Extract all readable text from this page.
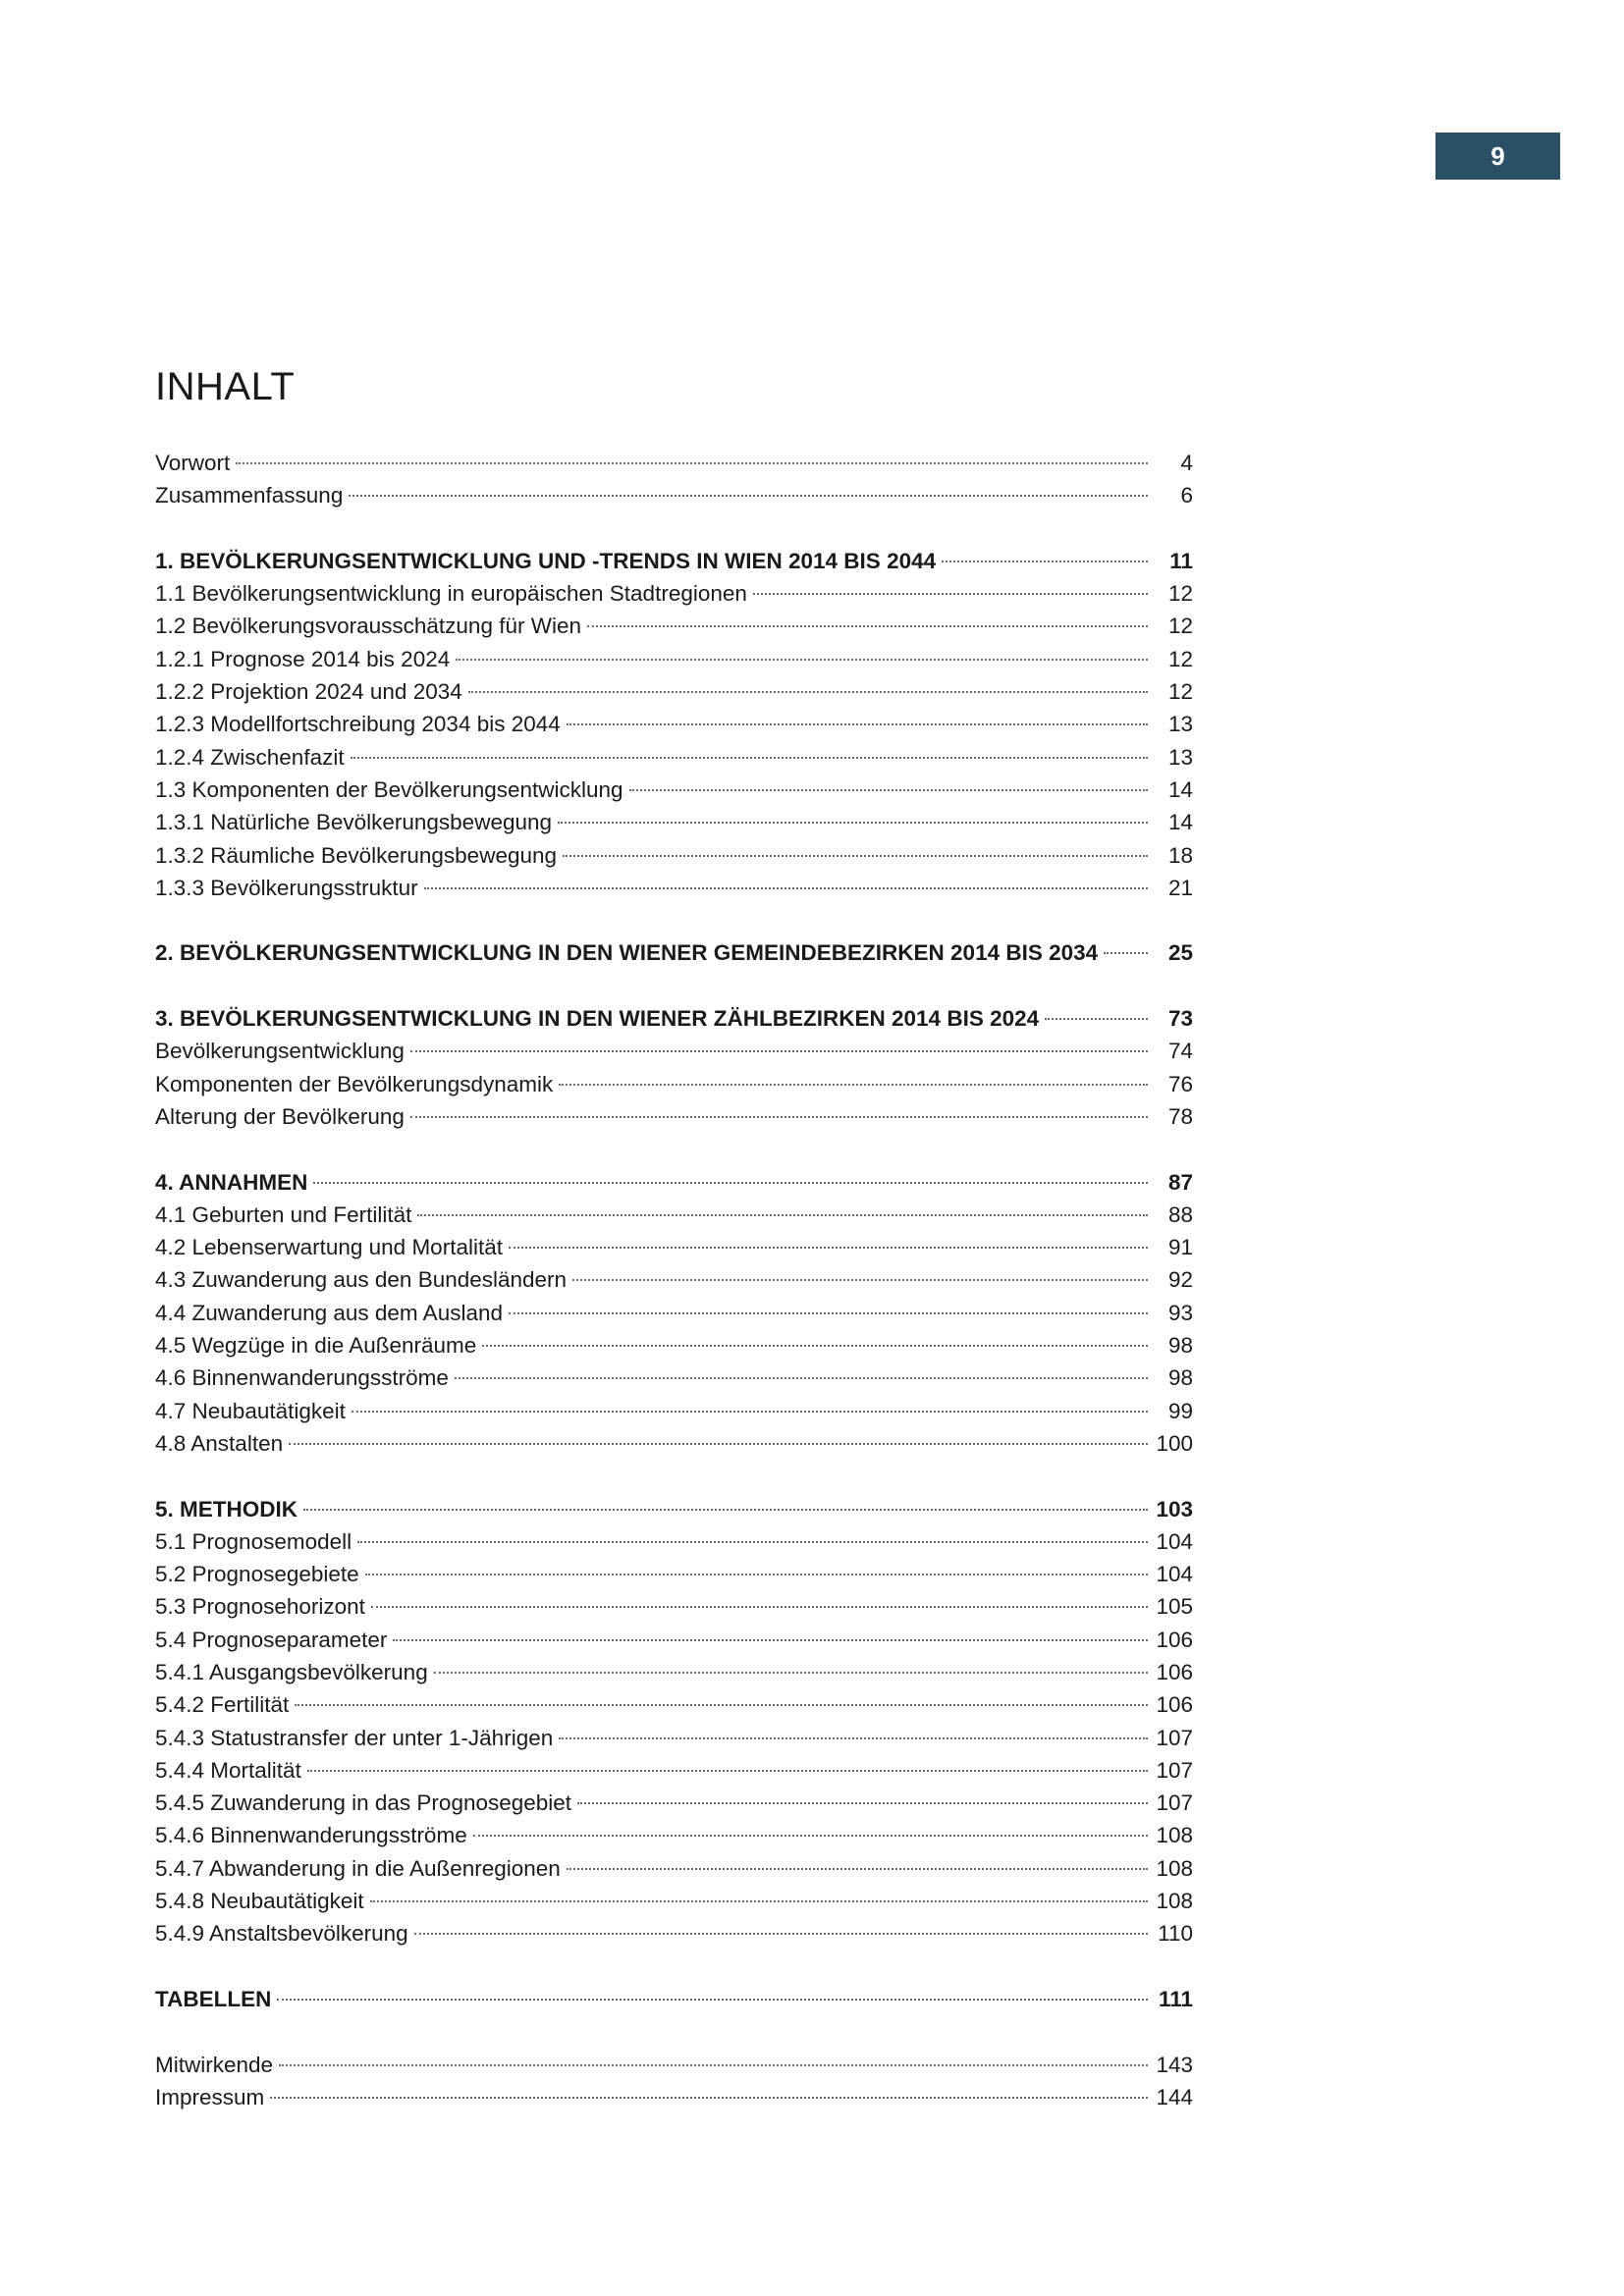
9
INHALT
Vorwort	4
Zusammenfassung	6
1. BEVÖLKERUNGSENTWICKLUNG UND -TRENDS IN WIEN 2014 BIS 2044	11
1.1 Bevölkerungsentwicklung in europäischen Stadtregionen	12
1.2 Bevölkerungsvorausschätzung für Wien	12
1.2.1 Prognose 2014 bis 2024	12
1.2.2 Projektion 2024 und 2034	12
1.2.3 Modellfortschreibung 2034 bis 2044	13
1.2.4 Zwischenfazit	13
1.3 Komponenten der Bevölkerungsentwicklung	14
1.3.1 Natürliche Bevölkerungsbewegung	14
1.3.2 Räumliche Bevölkerungsbewegung	18
1.3.3 Bevölkerungsstruktur	21
2. BEVÖLKERUNGSENTWICKLUNG IN DEN WIENER GEMEINDEBEZIRKEN 2014 BIS 2034	25
3. BEVÖLKERUNGSENTWICKLUNG IN DEN WIENER ZÄHLBEZIRKEN 2014 BIS 2024	73
Bevölkerungsentwicklung	74
Komponenten der Bevölkerungsdynamik	76
Alterung der Bevölkerung	78
4. ANNAHMEN	87
4.1 Geburten und Fertilität	88
4.2 Lebenserwartung und Mortalität	91
4.3 Zuwanderung aus den Bundesländern	92
4.4 Zuwanderung aus dem Ausland	93
4.5 Wegzüge in die Außenräume	98
4.6 Binnenwanderungsströme	98
4.7 Neubautätigkeit	99
4.8 Anstalten	100
5. METHODIK	103
5.1 Prognosemodell	104
5.2 Prognosegebiete	104
5.3 Prognosehorizont	105
5.4 Prognoseparameter	106
5.4.1 Ausgangsbevölkerung	106
5.4.2 Fertilität	106
5.4.3 Statustransfer der unter 1-Jährigen	107
5.4.4 Mortalität	107
5.4.5 Zuwanderung in das Prognosegebiet	107
5.4.6 Binnenwanderungsströme	108
5.4.7 Abwanderung in die Außenregionen	108
5.4.8 Neubautätigkeit	108
5.4.9 Anstaltsbevölkerung	110
TABELLEN	111
Mitwirkende	143
Impressum	144
